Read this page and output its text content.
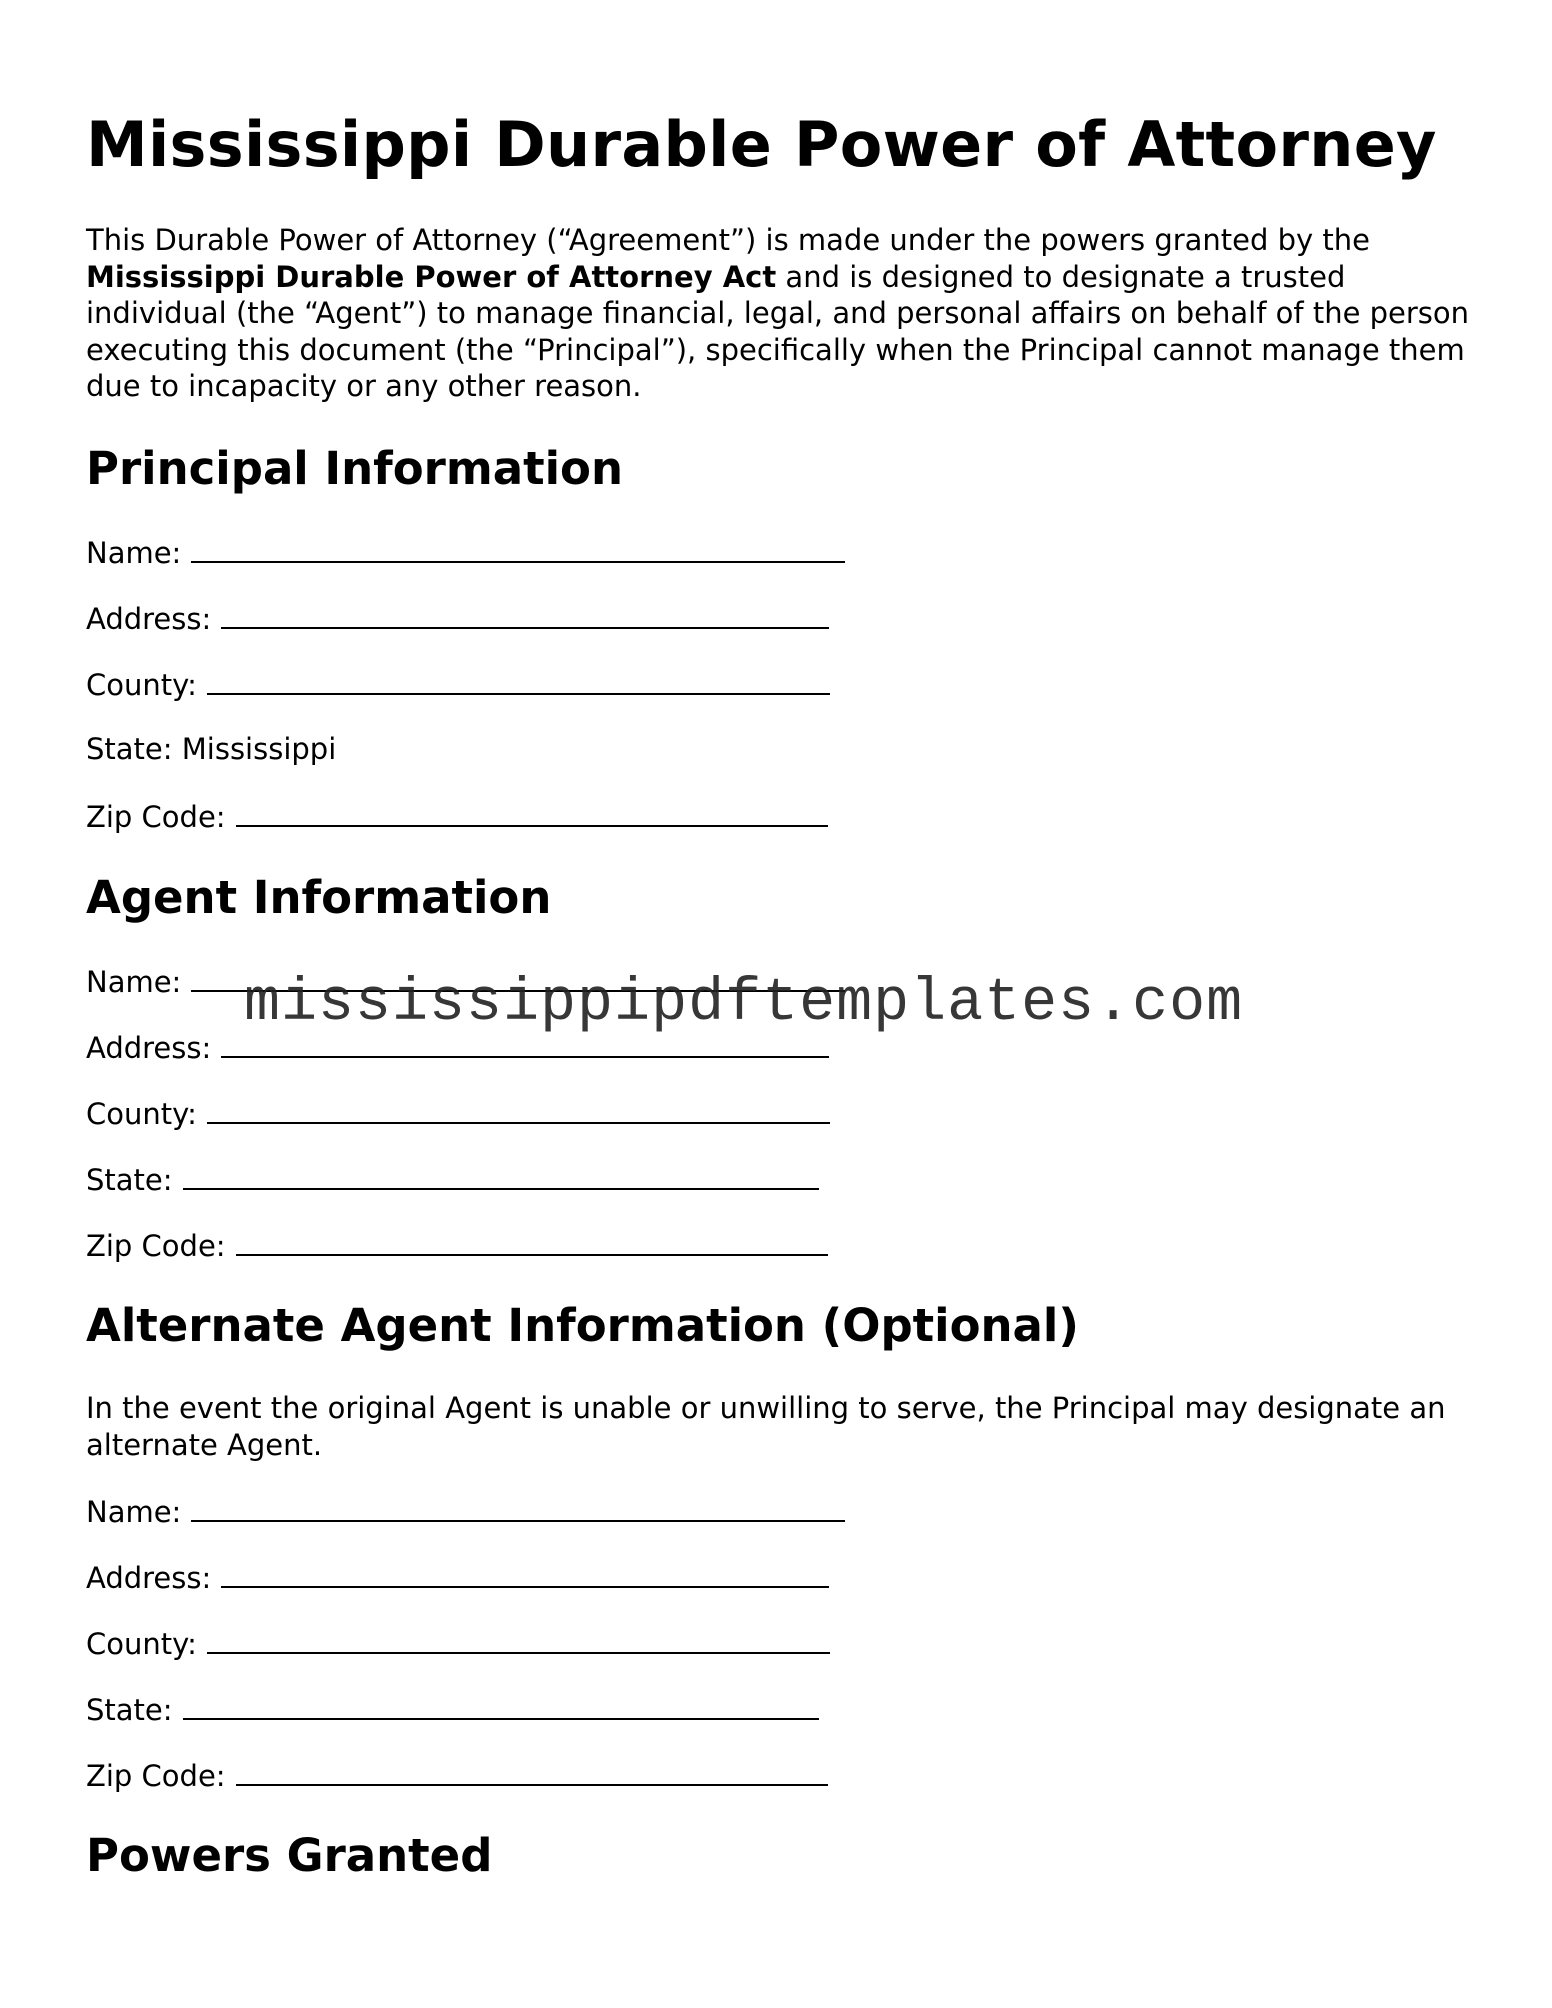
Mississippi Durable Power of Attorney

This Durable Power of Attorney (“Agreement”) is made under the powers granted by the Mississippi Durable Power of Attorney Act and is designed to designate a trusted individual (the “Agent”) to manage financial, legal, and personal affairs on behalf of the person executing this document (the “Principal”), specifically when the Principal cannot manage them due to incapacity or any other reason.

Principal Information
Name:
Address:
County:
State: Mississippi
Zip Code:
Agent Information
Name:
Address:
County:
State:
Zip Code:
Alternate Agent Information (Optional)

In the event the original Agent is unable or unwilling to serve, the Principal may designate an alternate Agent.

Name:
Address:
County:
State:
Zip Code:
Powers Granted
mississippipdftemplates.com
